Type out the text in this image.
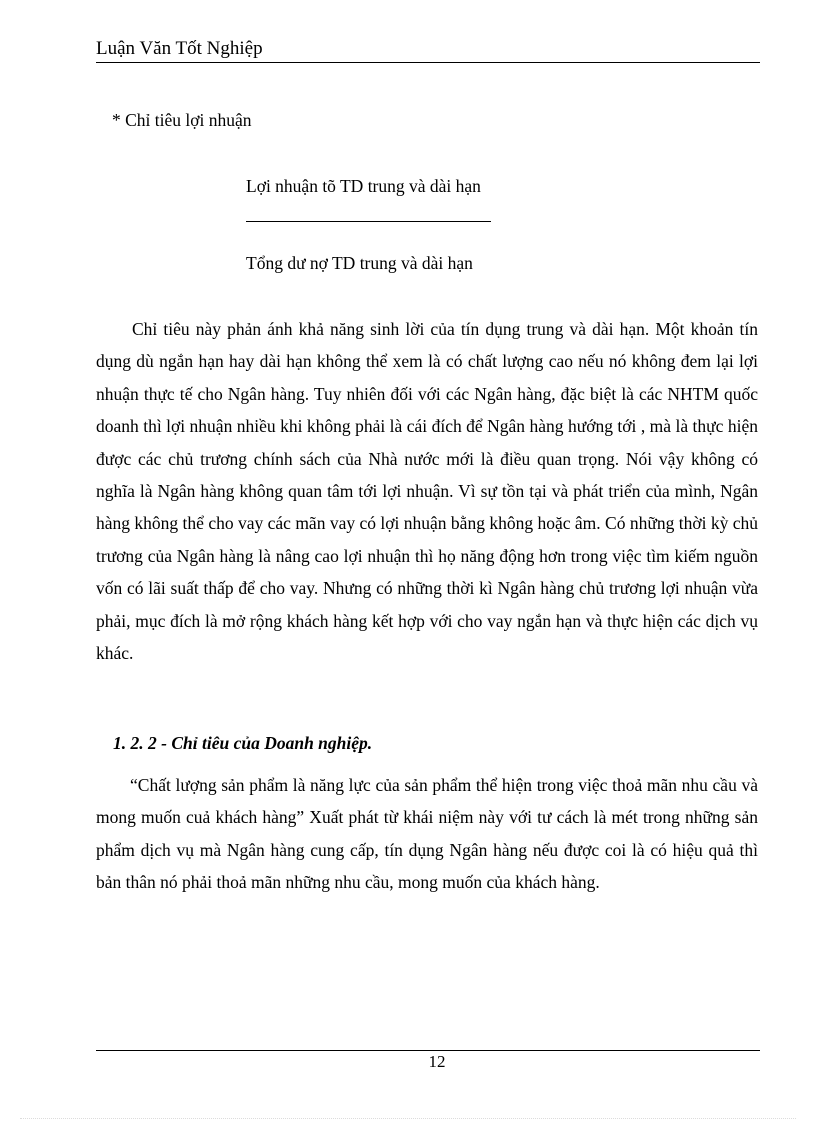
Luận Văn Tốt Nghiệp
* Chỉ tiêu lợi nhuận
Lợi nhuận tõ TD trung và dài hạn
Tổng dư nợ TD trung và dài hạn

Chỉ tiêu này phản ánh khả năng sinh lời của tín dụng trung và dài hạn. Một khoản tín dụng dù ngắn hạn hay dài hạn không thể xem là có chất lượng cao nếu nó không đem lại lợi nhuận thực tế cho Ngân hàng. Tuy nhiên đối với các Ngân hàng, đặc biệt là các NHTM quốc doanh thì lợi nhuận nhiều khi không phải là cái đích để Ngân hàng hướng tới , mà là thực hiện được các chủ trương chính sách của Nhà nước mới là điều quan trọng. Nói vậy không có nghĩa là Ngân hàng không quan tâm tới lợi nhuận. Vì sự tồn tại và phát triển của mình, Ngân hàng không thể cho vay các mãn vay có lợi nhuận bằng không hoặc âm. Có những thời kỳ chủ trương của Ngân hàng là nâng cao lợi nhuận thì họ năng động hơn trong việc tìm kiếm nguồn vốn có lãi suất thấp để cho vay. Nhưng có những thời kì Ngân hàng chủ trương lợi nhuận vừa phải, mục đích là mở rộng khách hàng kết hợp với cho vay ngắn hạn và thực hiện các dịch vụ khác.

1. 2. 2 - Chỉ tiêu của Doanh nghiệp.

“Chất lượng sản phẩm là năng lực của sản phẩm thể hiện trong việc thoả mãn nhu cầu và mong muốn cuả khách hàng” Xuất phát từ khái niệm này với tư cách là mét trong những sản phẩm dịch vụ mà Ngân hàng cung cấp, tín dụng Ngân hàng nếu được coi là có hiệu quả thì bản thân nó phải thoả mãn những nhu cầu, mong muốn của khách hàng.

12
